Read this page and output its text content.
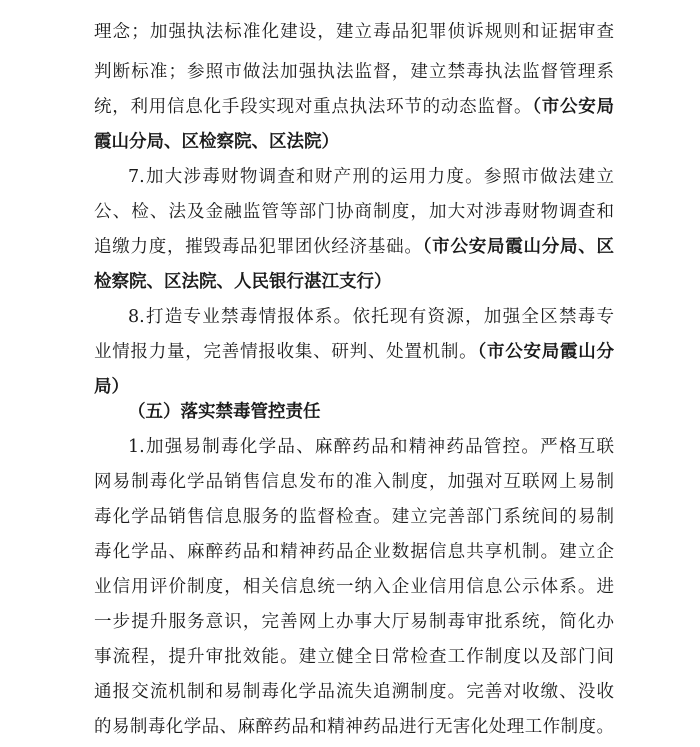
理念；加强执法标准化建设，建立毒品犯罪侦诉规则和证据审查
判断标准；参照市做法加强执法监督，建立禁毒执法监督管理系
统，利用信息化手段实现对重点执法环节的动态监督。（市公安局
霞山分局、区检察院、区法院）
7.加大涉毒财物调查和财产刑的运用力度。参照市做法建立
公、检、法及金融监管等部门协商制度，加大对涉毒财物调查和
追缴力度，摧毁毒品犯罪团伙经济基础。（市公安局霞山分局、区
检察院、区法院、人民银行湛江支行）
8.打造专业禁毒情报体系。依托现有资源，加强全区禁毒专
业情报力量，完善情报收集、研判、处置机制。（市公安局霞山分
局）
（五）落实禁毒管控责任
1.加强易制毒化学品、麻醉药品和精神药品管控。严格互联
网易制毒化学品销售信息发布的准入制度，加强对互联网上易制
毒化学品销售信息服务的监督检查。建立完善部门系统间的易制
毒化学品、麻醉药品和精神药品企业数据信息共享机制。建立企
业信用评价制度，相关信息统一纳入企业信用信息公示体系。进
一步提升服务意识，完善网上办事大厅易制毒审批系统，简化办
事流程，提升审批效能。建立健全日常检查工作制度以及部门间
通报交流机制和易制毒化学品流失追溯制度。完善对收缴、没收
的易制毒化学品、麻醉药品和精神药品进行无害化处理工作制度。
